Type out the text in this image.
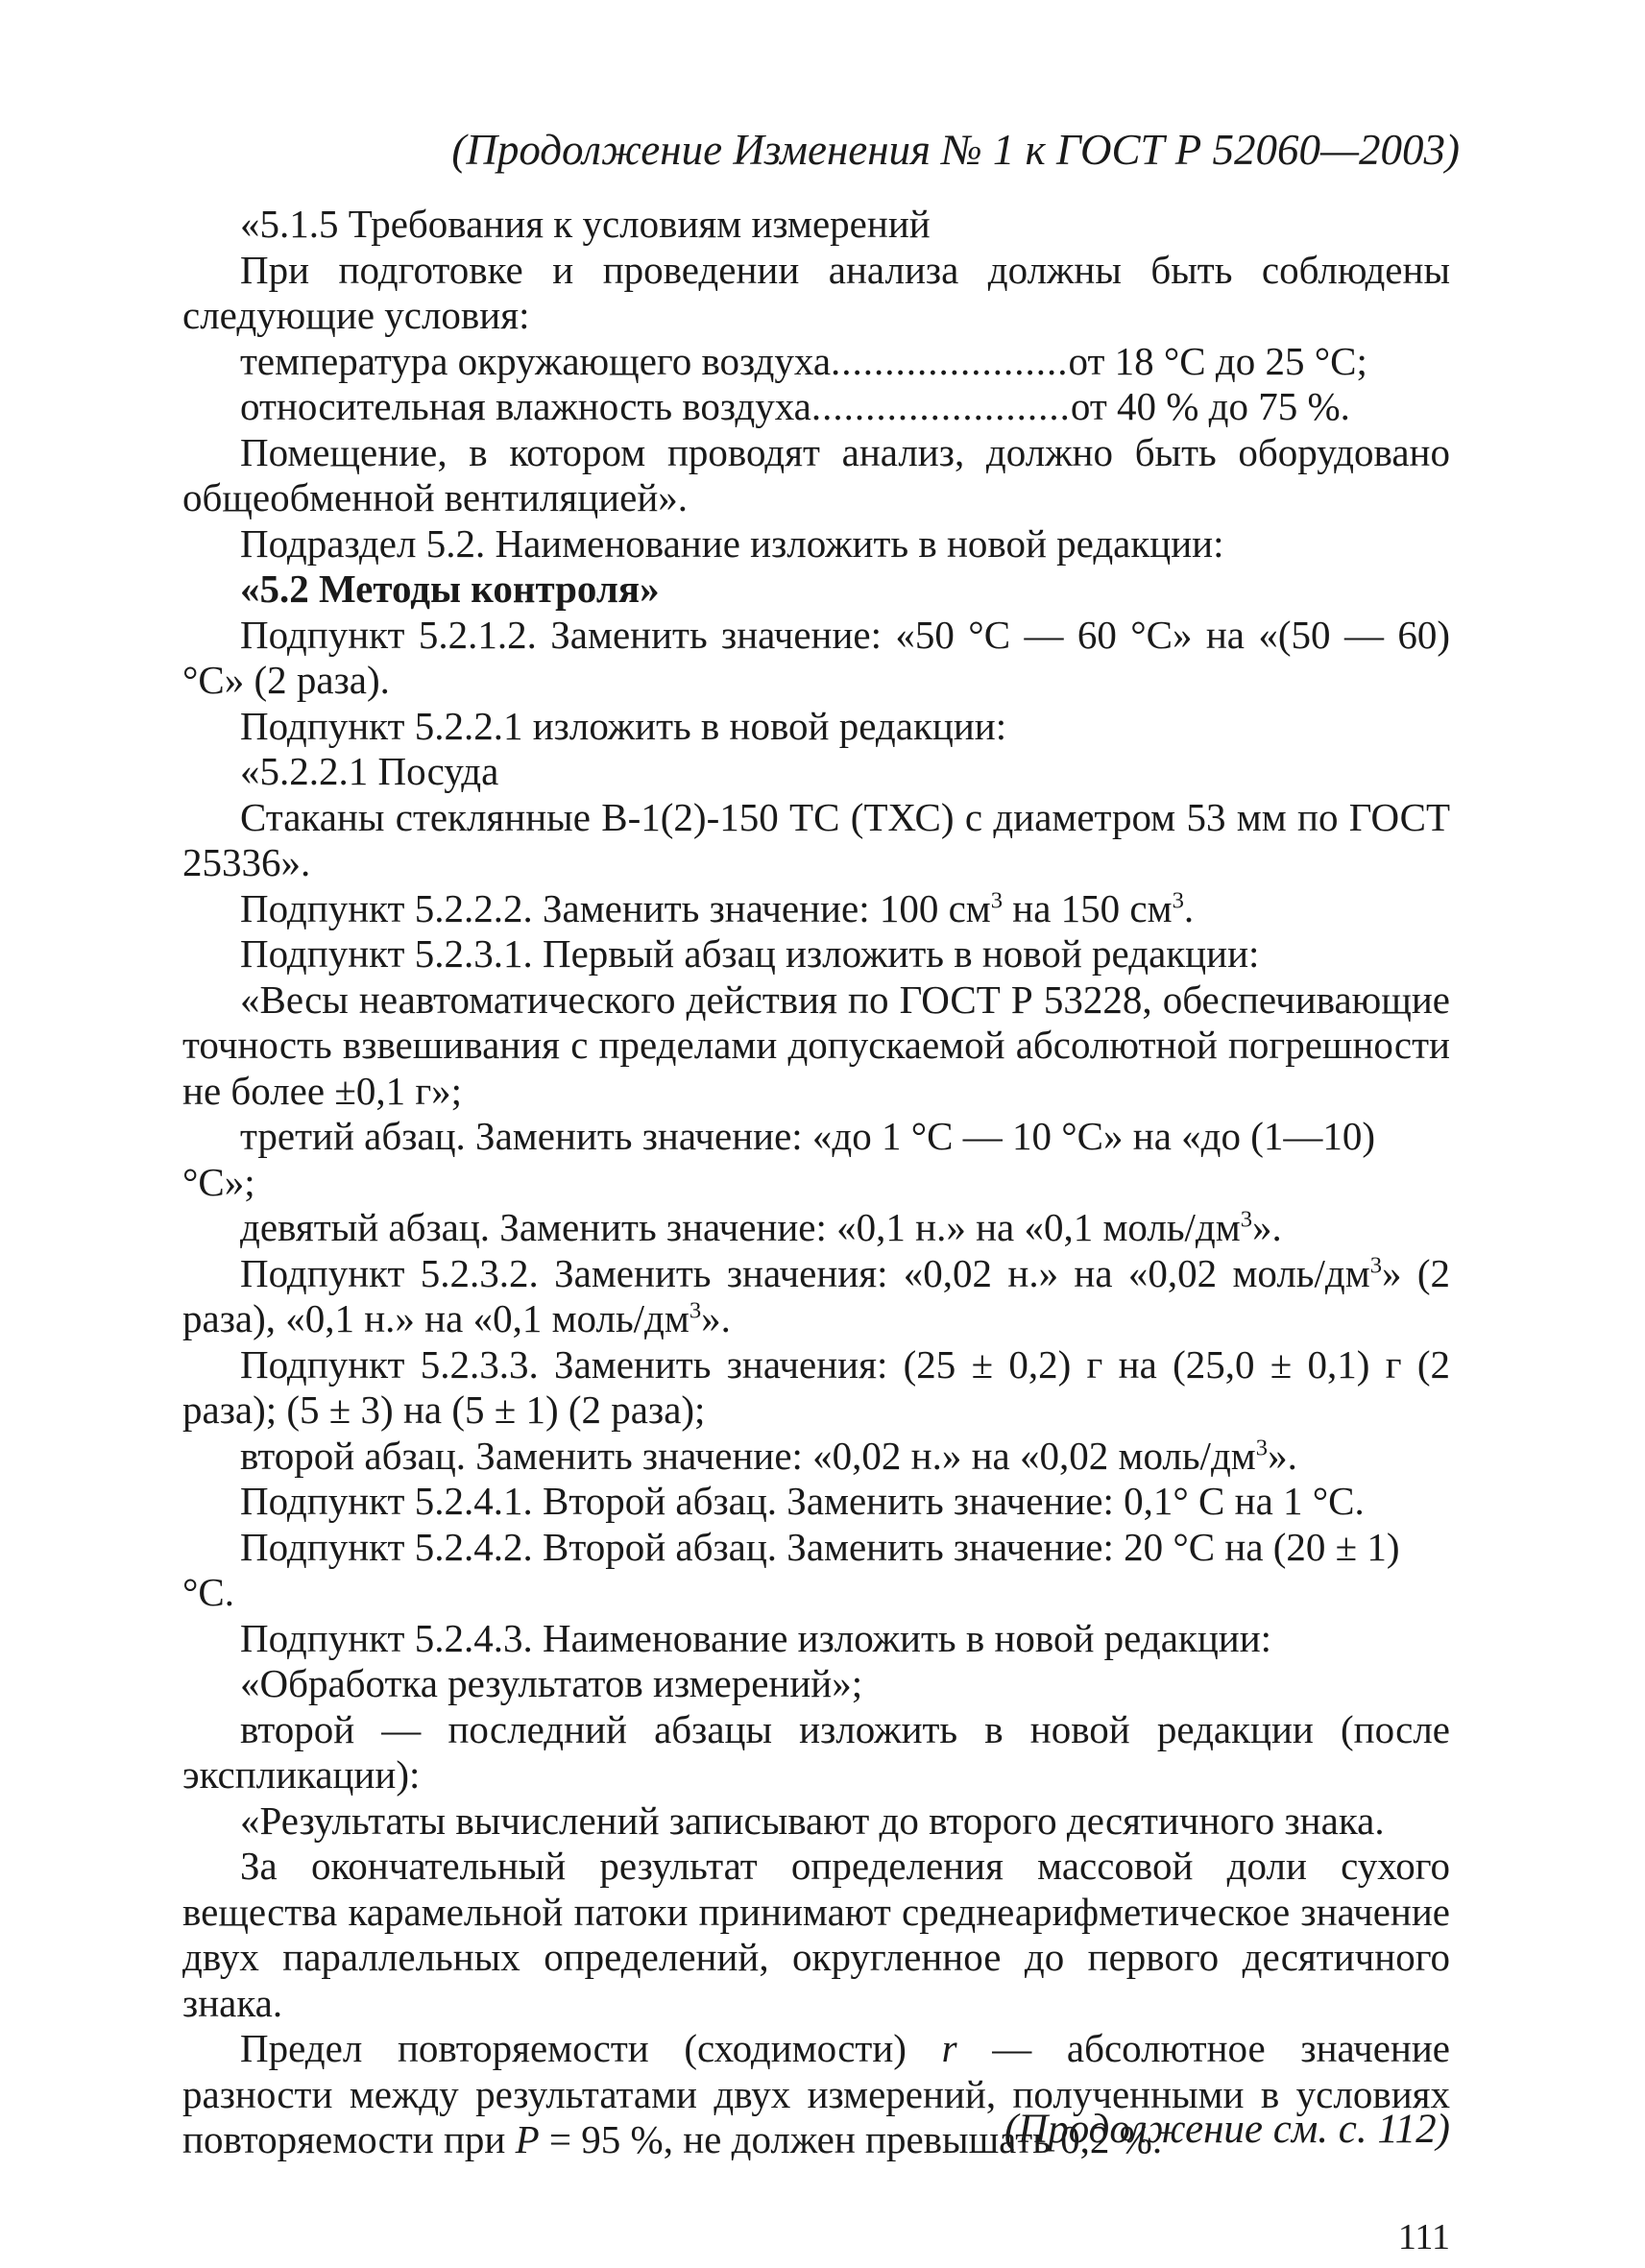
(Продолжение Изменения № 1 к ГОСТ Р 52060—2003)

«5.1.5 Требования к условиям измерений

При подготовке и проведении анализа должны быть соблюдены следующие условия:

температура окружающего воздуха ...................... от 18 °С до 25 °С;
относительная влажность воздуха ........................ от 40 % до 75 %.

Помещение, в котором проводят анализ, должно быть оборудовано общеобменной вентиляцией».

Подраздел 5.2. Наименование изложить в новой редакции:

«5.2 Методы контроля»

Подпункт 5.2.1.2. Заменить значение: «50 °С — 60 °С» на «(50 — 60) °С» (2 раза).

Подпункт 5.2.2.1 изложить в новой редакции:

«5.2.2.1 Посуда

Стаканы стеклянные В-1(2)-150 ТС (ТХС) с диаметром 53 мм по ГОСТ 25336».

Подпункт 5.2.2.2. Заменить значение: 100 $см^3$ на 150 $см^3$.

Подпункт 5.2.3.1. Первый абзац изложить в новой редакции:

«Весы неавтоматического действия по ГОСТ Р 53228, обеспечивающие точность взвешивания с пределами допускаемой абсолютной погрешности не более ±0,1 г»;

третий абзац. Заменить значение: «до 1 °С — 10 °С» на «до (1—10) °С»;

девятый абзац. Заменить значение: «0,1 н.» на «0,1 моль/$дм^3$».

Подпункт 5.2.3.2. Заменить значения: «0,02 н.» на «0,02 моль/$дм^3$» (2 раза), «0,1 н.» на «0,1 моль/$дм^3$».

Подпункт 5.2.3.3. Заменить значения: (25 ± 0,2) г на (25,0 ± 0,1) г (2 раза); (5 ± 3) на (5 ± 1) (2 раза);

второй абзац. Заменить значение: «0,02 н.» на «0,02 моль/$дм^3$».

Подпункт 5.2.4.1. Второй абзац. Заменить значение: 0,1° С на 1 °С.

Подпункт 5.2.4.2. Второй абзац. Заменить значение: 20 °С на (20 ± 1) °С.

Подпункт 5.2.4.3. Наименование изложить в новой редакции:

«Обработка результатов измерений»;

второй — последний абзацы изложить в новой редакции (после экспликации):

«Результаты вычислений записывают до второго десятичного знака.

За окончательный результат определения массовой доли сухого вещества карамельной патоки принимают среднеарифметическое значение двух параллельных определений, округленное до первого десятичного знака.

Предел повторяемости (сходимости) r — абсолютное значение разности между результатами двух измерений, полученными в условиях повторяемости при P = 95 %, не должен превышать 0,2 %.

(Продолжение см. с. 112)
111
